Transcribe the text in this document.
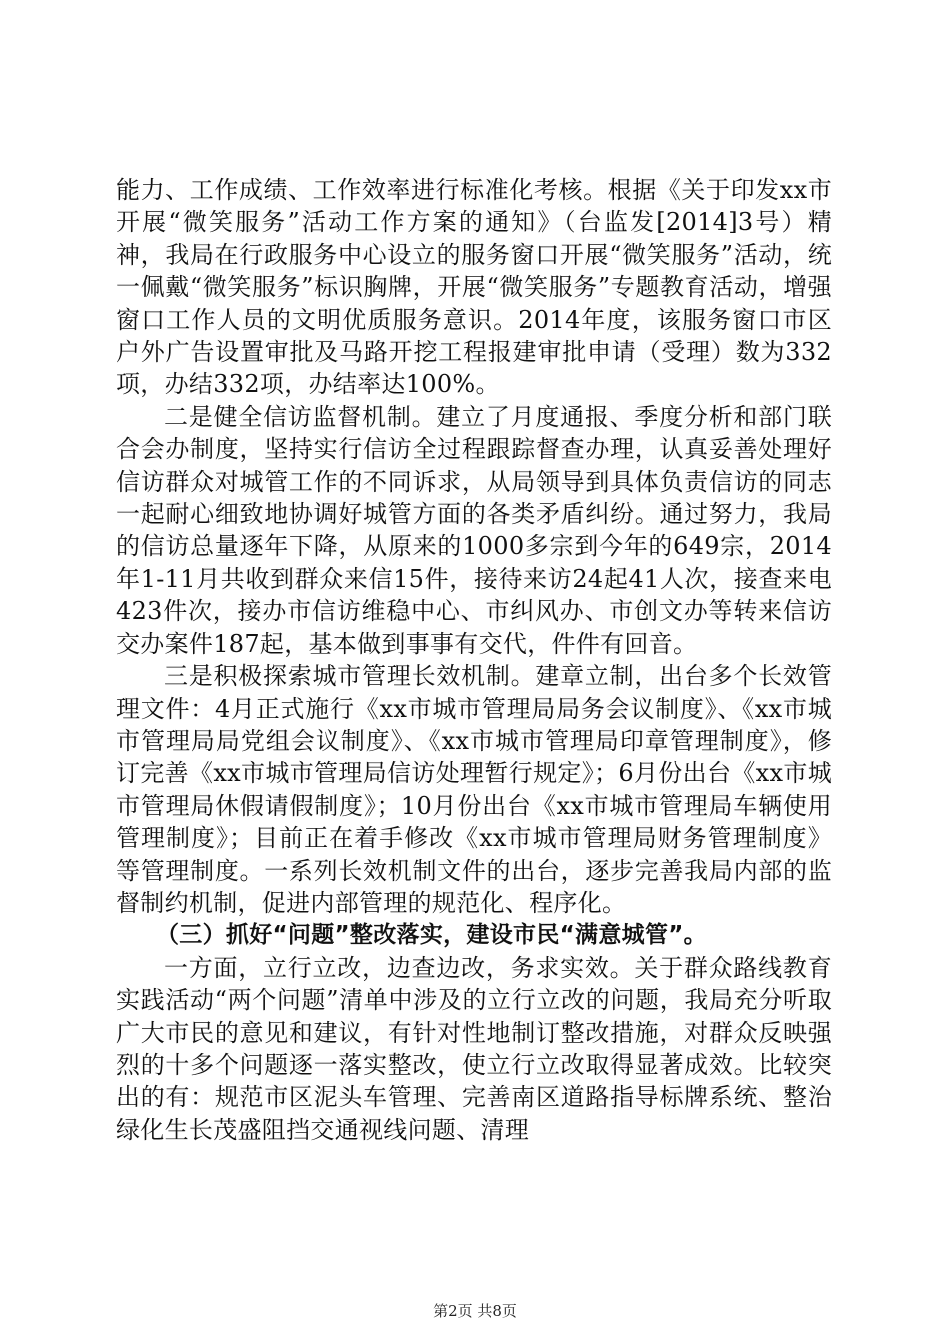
能力、工作成绩、工作效率进行标准化考核。根据《关于印发xx市开展“微笑服务”活动工作方案的通知》（台监发[2014]3号）精神，我局在行政服务中心设立的服务窗口开展“微笑服务”活动，统一佩戴“微笑服务”标识胸牌，开展“微笑服务”专题教育活动，增强窗口工作人员的文明优质服务意识。2014年度，该服务窗口市区户外广告设置审批及马路开挖工程报建审批申请（受理）数为332项，办结332项，办结率达100%。

二是健全信访监督机制。建立了月度通报、季度分析和部门联合会办制度，坚持实行信访全过程跟踪督查办理，认真妥善处理好信访群众对城管工作的不同诉求，从局领导到具体负责信访的同志一起耐心细致地协调好城管方面的各类矛盾纠纷。通过努力，我局的信访总量逐年下降，从原来的1000多宗到今年的649宗，2014年1-11月共收到群众来信15件，接待来访24起41人次，接查来电423件次，接办市信访维稳中心、市纠风办、市创文办等转来信访交办案件187起，基本做到事事有交代，件件有回音。

三是积极探索城市管理长效机制。建章立制，出台多个长效管理文件：4月正式施行《xx市城市管理局局务会议制度》、《xx市城市管理局局党组会议制度》、《xx市城市管理局印章管理制度》，修订完善《xx市城市管理局信访处理暂行规定》；6月份出台《xx市城市管理局休假请假制度》；10月份出台《xx市城市管理局车辆使用管理制度》；目前正在着手修改《xx市城市管理局财务管理制度》等管理制度。一系列长效机制文件的出台，逐步完善我局内部的监督制约机制，促进内部管理的规范化、程序化。

（三）抓好“问题”整改落实，建设市民“满意城管”。

一方面，立行立改，边查边改，务求实效。关于群众路线教育实践活动“两个问题”清单中涉及的立行立改的问题，我局充分听取广大市民的意见和建议，有针对性地制订整改措施，对群众反映强烈的十多个问题逐一落实整改，使立行立改取得显著成效。比较突出的有：规范市区泥头车管理、完善南区道路指导标牌系统、整治绿化生长茂盛阻挡交通视线问题、清理

第2页 共8页
